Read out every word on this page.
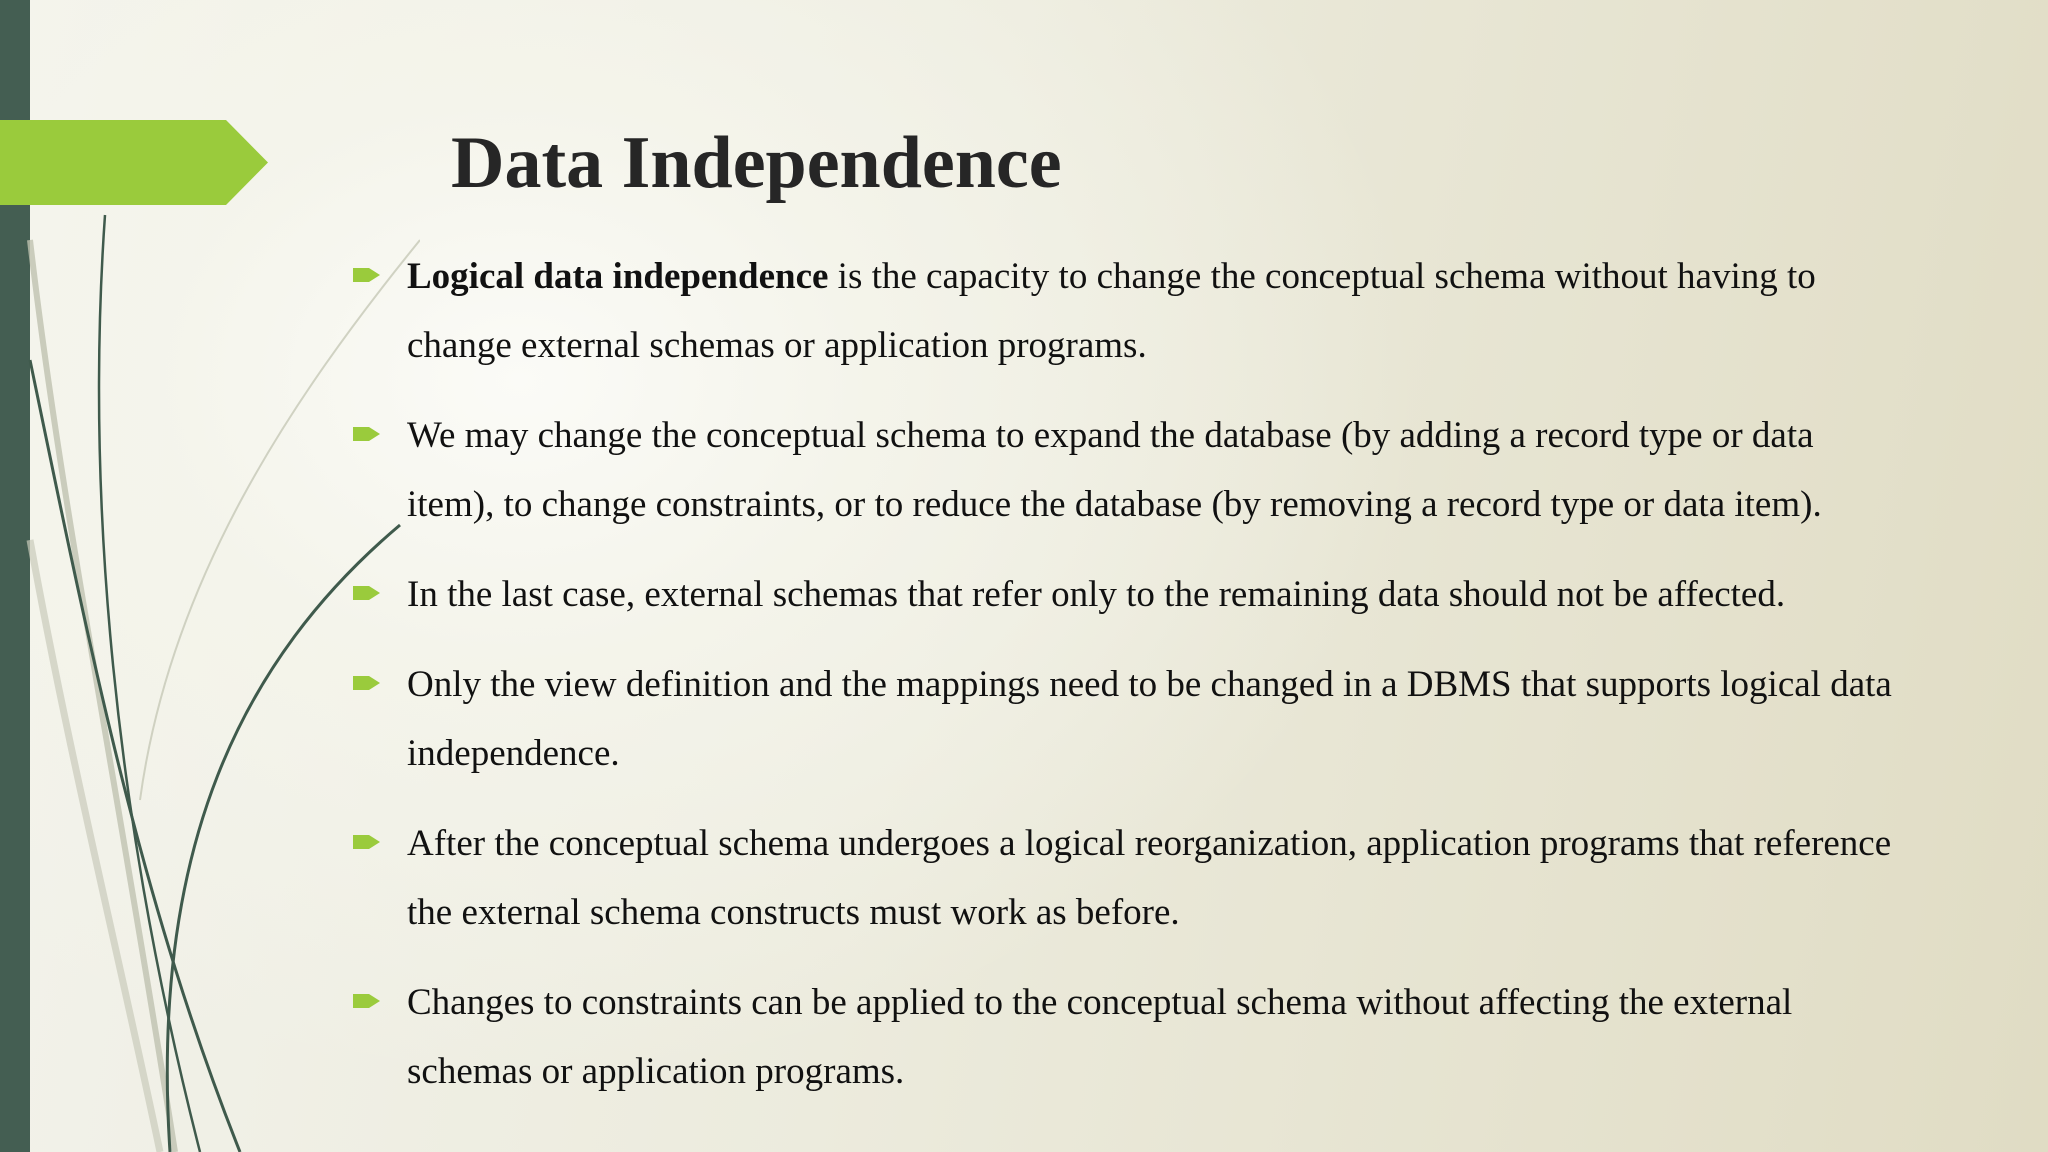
Data Independence
Logical data independence is the capacity to change the conceptual schema without having to change external schemas or application programs.
We may change the conceptual schema to expand the database (by adding a record type or data item), to change constraints, or to reduce the database (by removing a record type or data item).
In the last case, external schemas that refer only to the remaining data should not be affected.
Only the view definition and the mappings need to be changed in a DBMS that supports logical data independence.
After the conceptual schema undergoes a logical reorganization, application programs that reference the external schema constructs must work as before.
Changes to constraints can be applied to the conceptual schema without affecting the external schemas or application programs.
